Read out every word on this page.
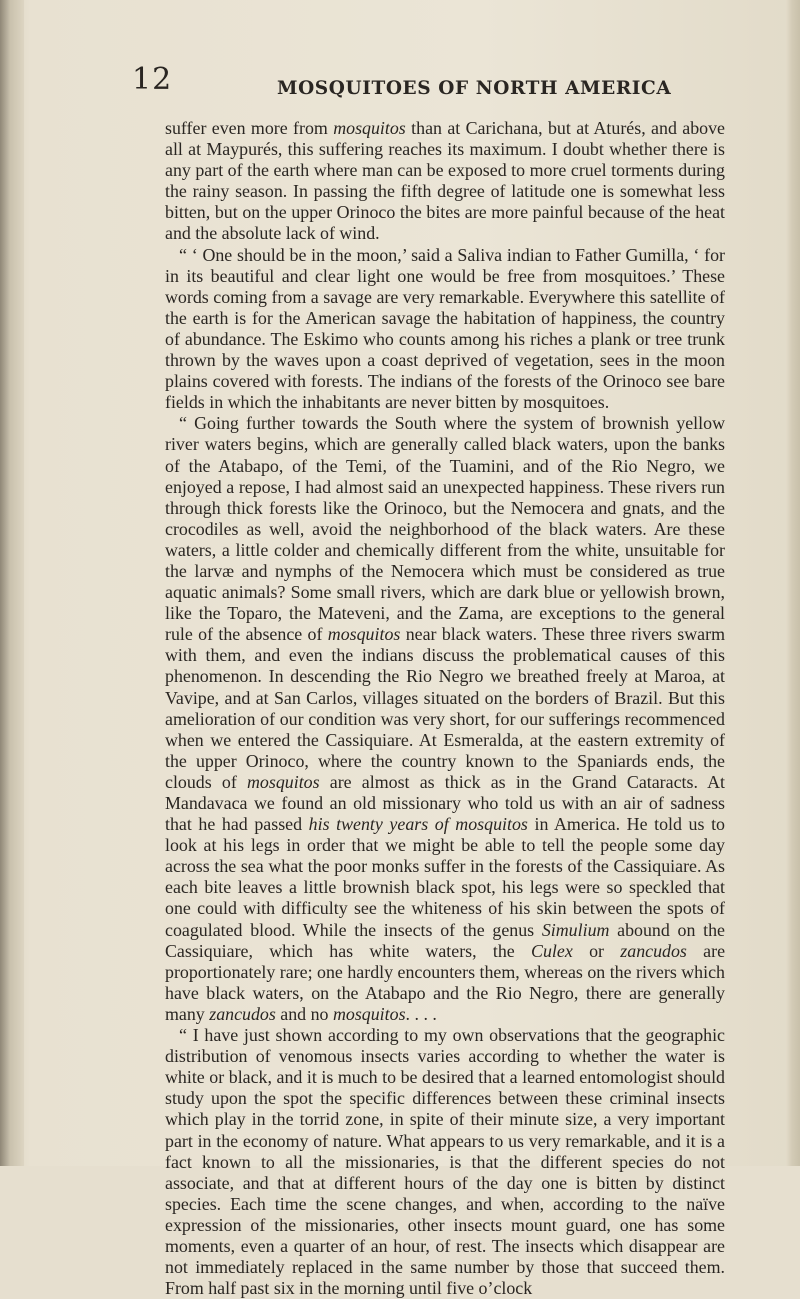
12	MOSQUITOES OF NORTH AMERICA

suffer even more from mosquitos than at Carichana, but at Aturés, and above all at Maypurés, this suffering reaches its maximum. I doubt whether there is any part of the earth where man can be exposed to more cruel torments during the rainy season. In passing the fifth degree of latitude one is somewhat less bitten, but on the upper Orinoco the bites are more painful because of the heat and the absolute lack of wind.

“ ‘ One should be in the moon,’ said a Saliva indian to Father Gumilla, ‘ for in its beautiful and clear light one would be free from mosquitoes.’ These words coming from a savage are very remarkable. Everywhere this satellite of the earth is for the American savage the habitation of happiness, the country of abundance. The Eskimo who counts among his riches a plank or tree trunk thrown by the waves upon a coast deprived of vegetation, sees in the moon plains covered with forests. The indians of the forests of the Orinoco see bare fields in which the inhabitants are never bitten by mosquitoes.

“ Going further towards the South where the system of brownish yellow river waters begins, which are generally called black waters, upon the banks of the Atabapo, of the Temi, of the Tuamini, and of the Rio Negro, we enjoyed a repose, I had almost said an unexpected happiness. These rivers run through thick forests like the Orinoco, but the Nemocera and gnats, and the crocodiles as well, avoid the neighborhood of the black waters. Are these waters, a little colder and chemically different from the white, unsuitable for the larvæ and nymphs of the Nemocera which must be considered as true aquatic animals? Some small rivers, which are dark blue or yellowish brown, like the Toparo, the Mateveni, and the Zama, are exceptions to the general rule of the absence of mosquitos near black waters. These three rivers swarm with them, and even the indians discuss the problematical causes of this phenomenon. In descending the Rio Negro we breathed freely at Maroa, at Vavipe, and at San Carlos, villages situated on the borders of Brazil. But this amelioration of our condition was very short, for our sufferings recommenced when we entered the Cassiquiare. At Esmeralda, at the eastern extremity of the upper Orinoco, where the country known to the Spaniards ends, the clouds of mosquitos are almost as thick as in the Grand Cataracts. At Mandavaca we found an old missionary who told us with an air of sadness that he had passed his twenty years of mosquitos in America. He told us to look at his legs in order that we might be able to tell the people some day across the sea what the poor monks suffer in the forests of the Cassiquiare. As each bite leaves a little brownish black spot, his legs were so speckled that one could with difficulty see the whiteness of his skin between the spots of coagulated blood. While the insects of the genus Simulium abound on the Cassiquiare, which has white waters, the Culex or zancudos are proportionately rare; one hardly encounters them, whereas on the rivers which have black waters, on the Atabapo and the Rio Negro, there are generally many zancudos and no mosquitos. . . .

“ I have just shown according to my own observations that the geographic distribution of venomous insects varies according to whether the water is white or black, and it is much to be desired that a learned entomologist should study upon the spot the specific differences between these criminal insects which play in the torrid zone, in spite of their minute size, a very important part in the economy of nature. What appears to us very remarkable, and it is a fact known to all the missionaries, is that the different species do not associate, and that at different hours of the day one is bitten by distinct species. Each time the scene changes, and when, according to the naïve expression of the missionaries, other insects mount guard, one has some moments, even a quarter of an hour, of rest. The insects which disappear are not immediately replaced in the same number by those that succeed them. From half past six in the morning until five o’clock
